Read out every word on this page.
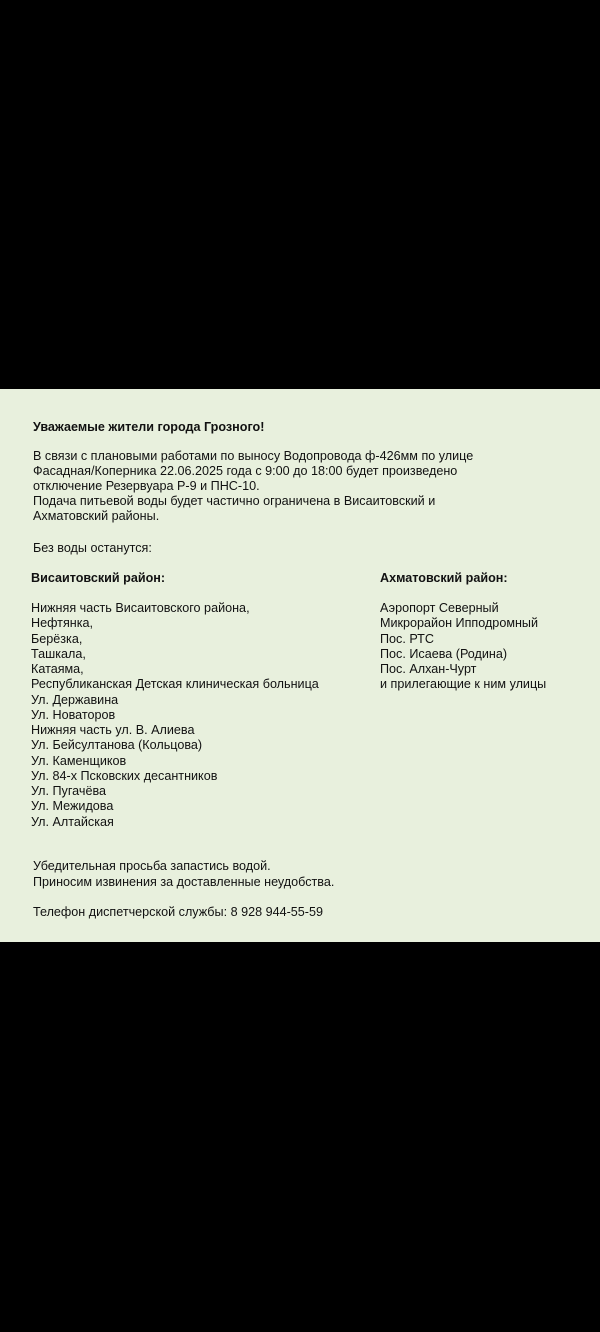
Уважаемые жители города Грозного!

В связи с плановыми работами по выносу Водопровода ф-426мм по улице
Фасадная/Коперника 22.06.2025 года с 9:00 до 18:00 будет произведено
отключение Резервуара Р-9 и ПНС-10.
Подача питьевой воды будет частично ограничена в Висаитовский и
Ахматовский районы.

Без воды останутся:

Висаитовский район:	Ахматовский район:

Нижняя часть Висаитовского района,
Нефтянка,
Берёзка,
Ташкала,
Катаяма,
Республиканская Детская клиническая больница
Ул. Державина
Ул. Новаторов
Нижняя часть ул. В. Алиева
Ул. Бейсултанова (Кольцова)
Ул. Каменщиков
Ул. 84-х Псковских десантников
Ул. Пугачёва
Ул. Межидова
Ул. Алтайская
Аэропорт Северный
Микрорайон Ипподромный
Пос. РТС
Пос. Исаева (Родина)
Пос. Алхан-Чурт
и прилегающие к ним улицы

Убедительная просьба запастись водой.

Приносим извинения за доставленные неудобства.

Телефон диспетчерской службы: 8 928 944-55-59
